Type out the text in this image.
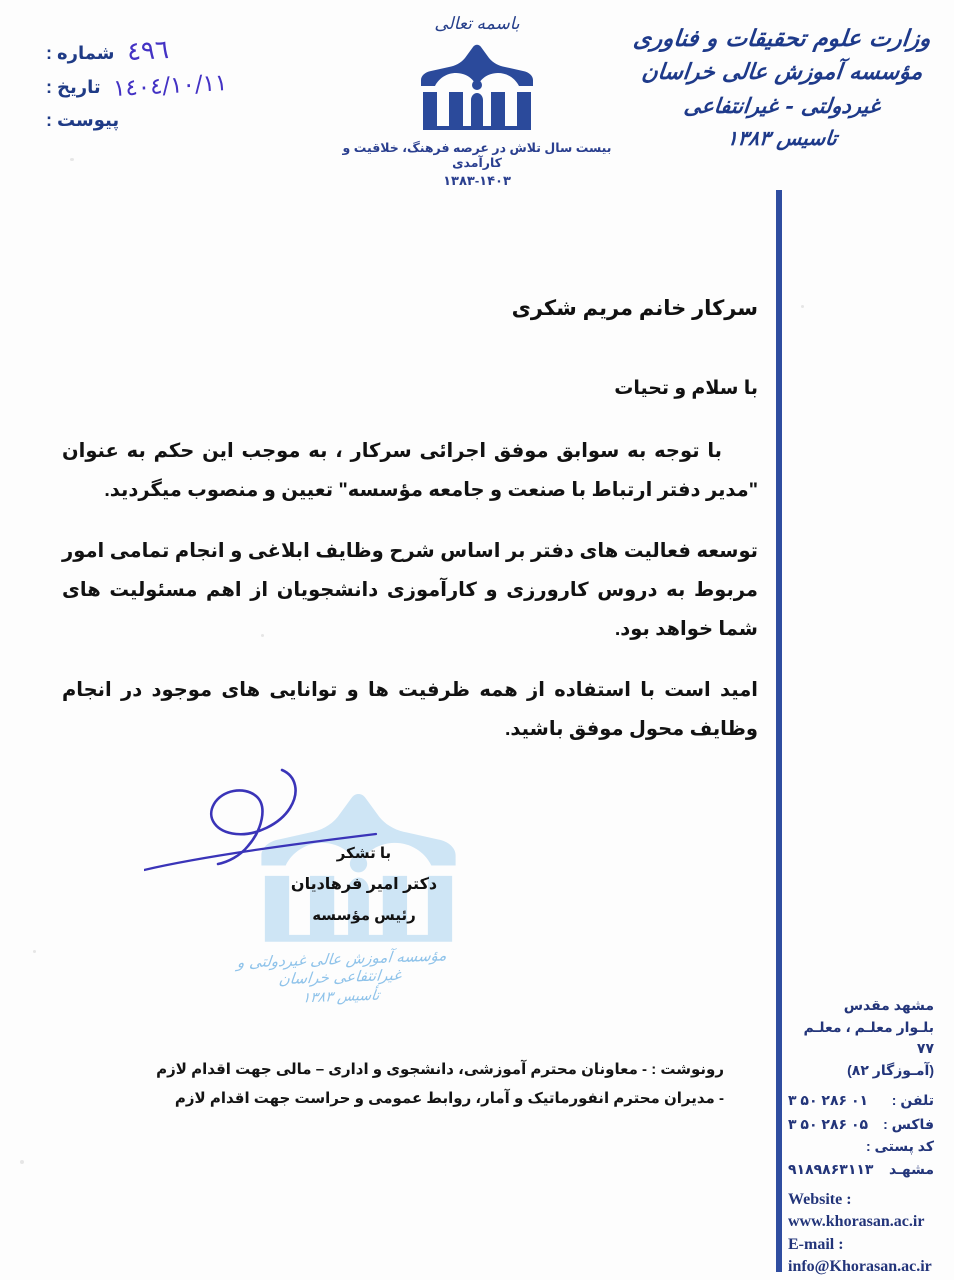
٤٩٦
شماره :
١٤٠٤/١٠/١١
تاریخ :
پیوست :
باسمه تعالی
بیست سال تلاش در عرصه فرهنگ، خلاقیت و کارآمدی
۱۳۸۳-۱۴۰۳
وزارت علوم تحقیقات و فناوری
مؤسسه آموزش عالی خراسان
غیردولتی - غیرانتفاعی
تاسیس ۱۳۸۳
سرکار خانم مریم شکری
با سلام و تحیات
با توجه به سوابق موفق اجرائی سرکار ، به موجب این حکم به عنوان "مدیر دفتر ارتباط با صنعت و جامعه مؤسسه" تعیین و منصوب میگردید.
توسعه فعالیت های دفتر بر اساس شرح وظایف ابلاغی و انجام تمامی امور مربوط به دروس کارورزی و کارآموزی دانشجویان از اهم مسئولیت های شما خواهد بود.
امید است با استفاده از همه ظرفیت ها و توانایی های موجود در انجام وظایف محول موفق باشید.
با تشکر
دکتر امیر فرهادیان
رئیس مؤسسه
مؤسسه آموزش عالی غیردولتی و غیرانتفاعی خراسان
تأسیس ۱۳۸۳
رونوشت : - معاونان محترم آموزشی، دانشجوی و اداری – مالی جهت اقدام لازم
- مدیران محترم انفورماتیک و آمار، روابط عمومی و حراست جهت اقدام لازم
مشهد مقدس
بلـوار معلـم ، معلـم ۷۷
(آمـوزگار ۸۲)
تلفن :
۳ ۵۰ ۲۸۶ ۰۱
فاکس :
۳ ۵۰ ۲۸۶ ۰۵
کد پستی :
مشهـد
۹۱۸۹۸۶۳۱۱۳
Website :
www.khorasan.ac.ir
E-mail :
info@Khorasan.ac.ir
